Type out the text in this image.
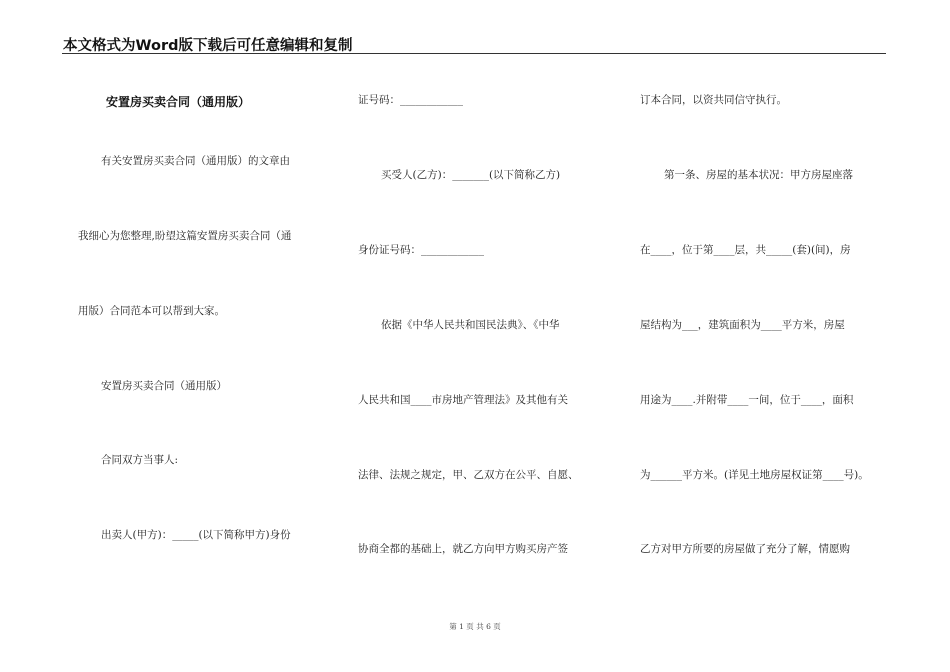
本文格式为Word版下载后可任意编辑和复制
安置房买卖合同（通用版）
有关安置房买卖合同（通用版）的文章由
我细心为您整理,盼望这篇安置房买卖合同（通
用版）合同范本可以帮到大家。
安置房买卖合同（通用版）
合同双方当事人:
出卖人(甲方)：_____(以下简称甲方)身份
证号码：____________
买受人(乙方)：_______(以下简称乙方)
身份证号码：____________
依据《中华人民共和国民法典》、《中华
人民共和国____市房地产管理法》及其他有关
法律、法规之规定，甲、乙双方在公平、自愿、
协商全都的基础上，就乙方向甲方购买房产签
订本合同，以资共同信守执行。
第一条、房屋的基本状况：甲方房屋座落
在____，位于第____层，共_____(套)(间)，房
屋结构为___，建筑面积为____平方米，房屋
用途为____.并附带____一间，位于____，面积
为______平方米。(详见土地房屋权证第____号)。
乙方对甲方所要的房屋做了充分了解，情愿购
第 1 页 共 6 页
